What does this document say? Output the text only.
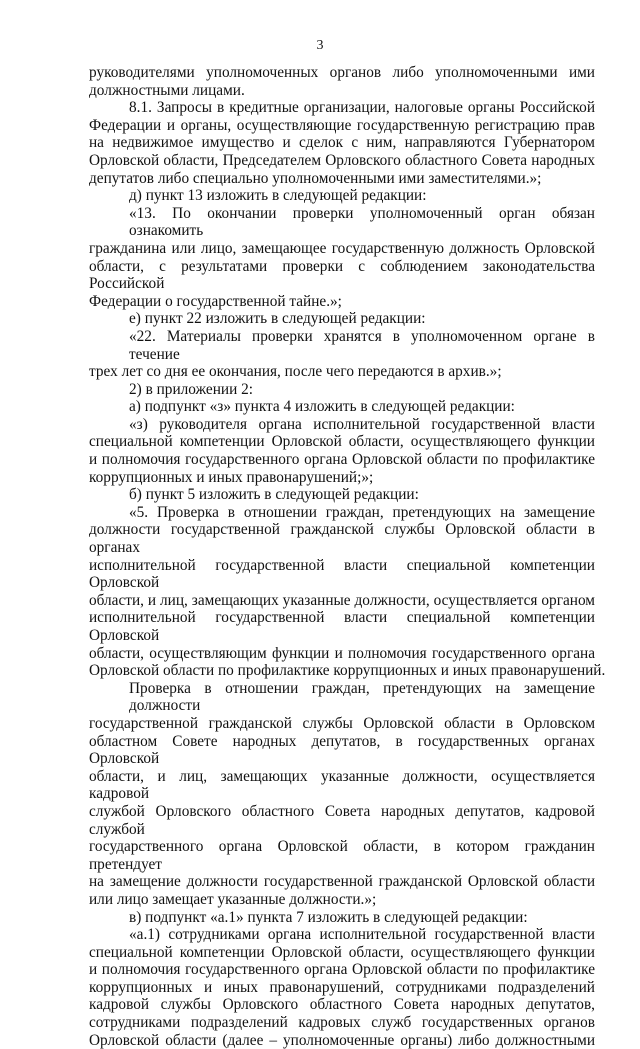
3
руководителями уполномоченных органов либо уполномоченными ими
должностными лицами.
8.1. Запросы в кредитные организации, налоговые органы Российской
Федерации и органы, осуществляющие государственную регистрацию прав
на недвижимое имущество и сделок с ним, направляются Губернатором
Орловской области, Председателем Орловского областного Совета народных
депутатов либо специально уполномоченными ими заместителями.»;
д) пункт 13 изложить в следующей редакции:
«13. По окончании проверки уполномоченный орган обязан ознакомить
гражданина или лицо, замещающее государственную должность Орловской
области, с результатами проверки с соблюдением законодательства Российской
Федерации о государственной тайне.»;
е) пункт 22 изложить в следующей редакции:
«22. Материалы проверки хранятся в уполномоченном органе в течение
трех лет со дня ее окончания, после чего передаются в архив.»;
2) в приложении 2:
а) подпункт «з» пункта 4 изложить в следующей редакции:
«з) руководителя органа исполнительной государственной власти
специальной компетенции Орловской области, осуществляющего функции
и полномочия государственного органа Орловской области по профилактике
коррупционных и иных правонарушений;»;
б) пункт 5 изложить в следующей редакции:
«5. Проверка в отношении граждан, претендующих на замещение
должности государственной гражданской службы Орловской области в органах
исполнительной государственной власти специальной компетенции Орловской
области, и лиц, замещающих указанные должности, осуществляется органом
исполнительной государственной власти специальной компетенции Орловской
области, осуществляющим функции и полномочия государственного органа
Орловской области по профилактике коррупционных и иных правонарушений.
Проверка в отношении граждан, претендующих на замещение должности
государственной гражданской службы Орловской области в Орловском
областном Совете народных депутатов, в государственных органах Орловской
области, и лиц, замещающих указанные должности, осуществляется кадровой
службой Орловского областного Совета народных депутатов, кадровой службой
государственного органа Орловской области, в котором гражданин претендует
на замещение должности государственной гражданской Орловской области
или лицо замещает указанные должности.»;
в) подпункт «а.1» пункта 7 изложить в следующей редакции:
«а.1) сотрудниками органа исполнительной государственной власти
специальной компетенции Орловской области, осуществляющего функции
и полномочия государственного органа Орловской области по профилактике
коррупционных и иных правонарушений, сотрудниками подразделений
кадровой службы Орловского областного Совета народных депутатов,
сотрудниками подразделений кадровых служб государственных органов
Орловской области (далее – уполномоченные органы) либо должностными
